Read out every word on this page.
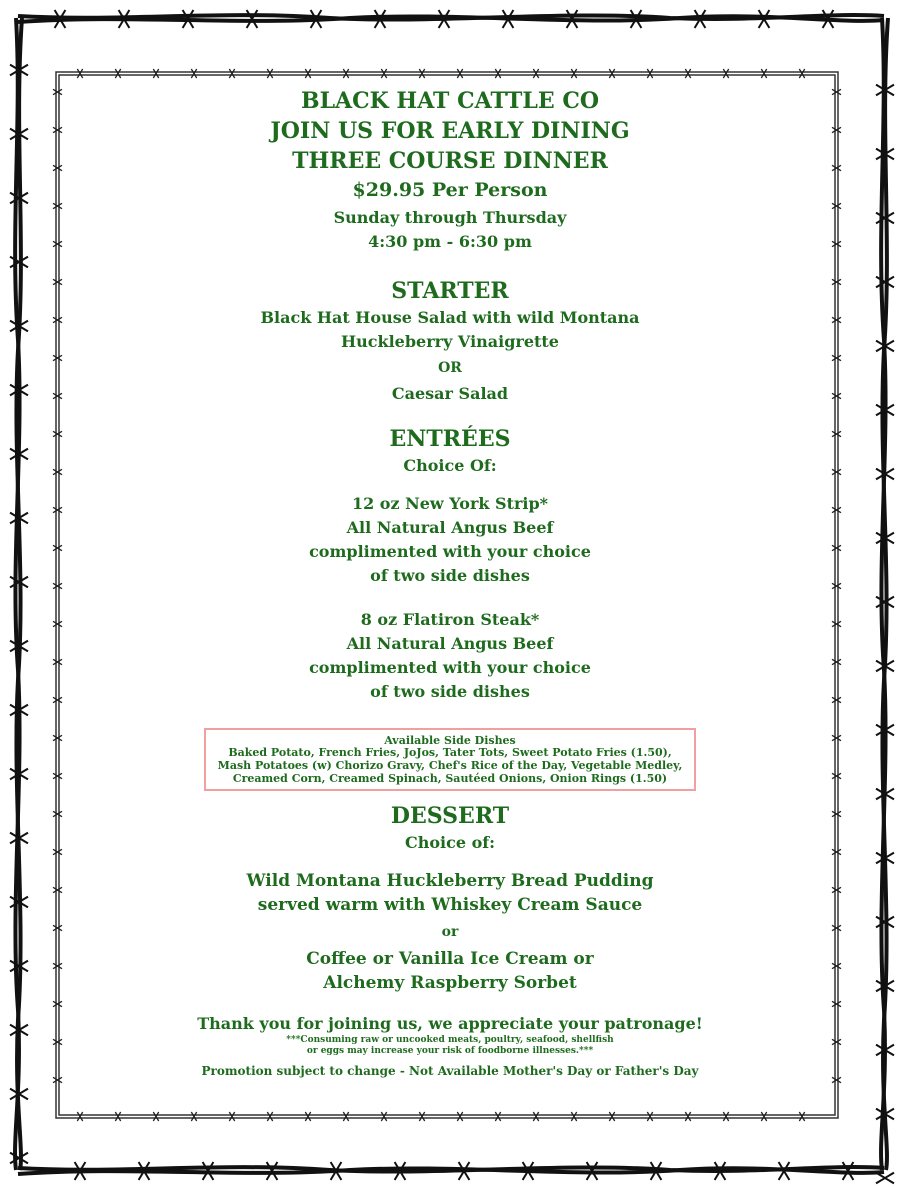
BLACK HAT CATTLE CO
JOIN US FOR EARLY DINING
THREE COURSE DINNER
$29.95 Per Person
Sunday through Thursday
4:30 pm - 6:30 pm
STARTER
Black Hat House Salad with wild Montana
Huckleberry Vinaigrette
OR
Caesar Salad
ENTRÉES
Choice Of:
12 oz New York Strip*
All Natural Angus Beef
complimented with your choice
of two side dishes
8 oz Flatiron Steak*
All Natural Angus Beef
complimented with your choice
of two side dishes
Available Side Dishes
Baked Potato, French Fries, JoJos, Tater Tots, Sweet Potato Fries (1.50),
Mash Potatoes (w) Chorizo Gravy, Chef's Rice of the Day, Vegetable Medley,
Creamed Corn, Creamed Spinach, Sautéed Onions, Onion Rings (1.50)
DESSERT
Choice of:
Wild Montana Huckleberry Bread Pudding
served warm with Whiskey Cream Sauce
or
Coffee or Vanilla Ice Cream or
Alchemy Raspberry Sorbet
Thank you for joining us, we appreciate your patronage!
***Consuming raw or uncooked meats, poultry, seafood, shellfish
or eggs may increase your risk of foodborne illnesses.***
Promotion subject to change - Not Available Mother's Day or Father's Day
